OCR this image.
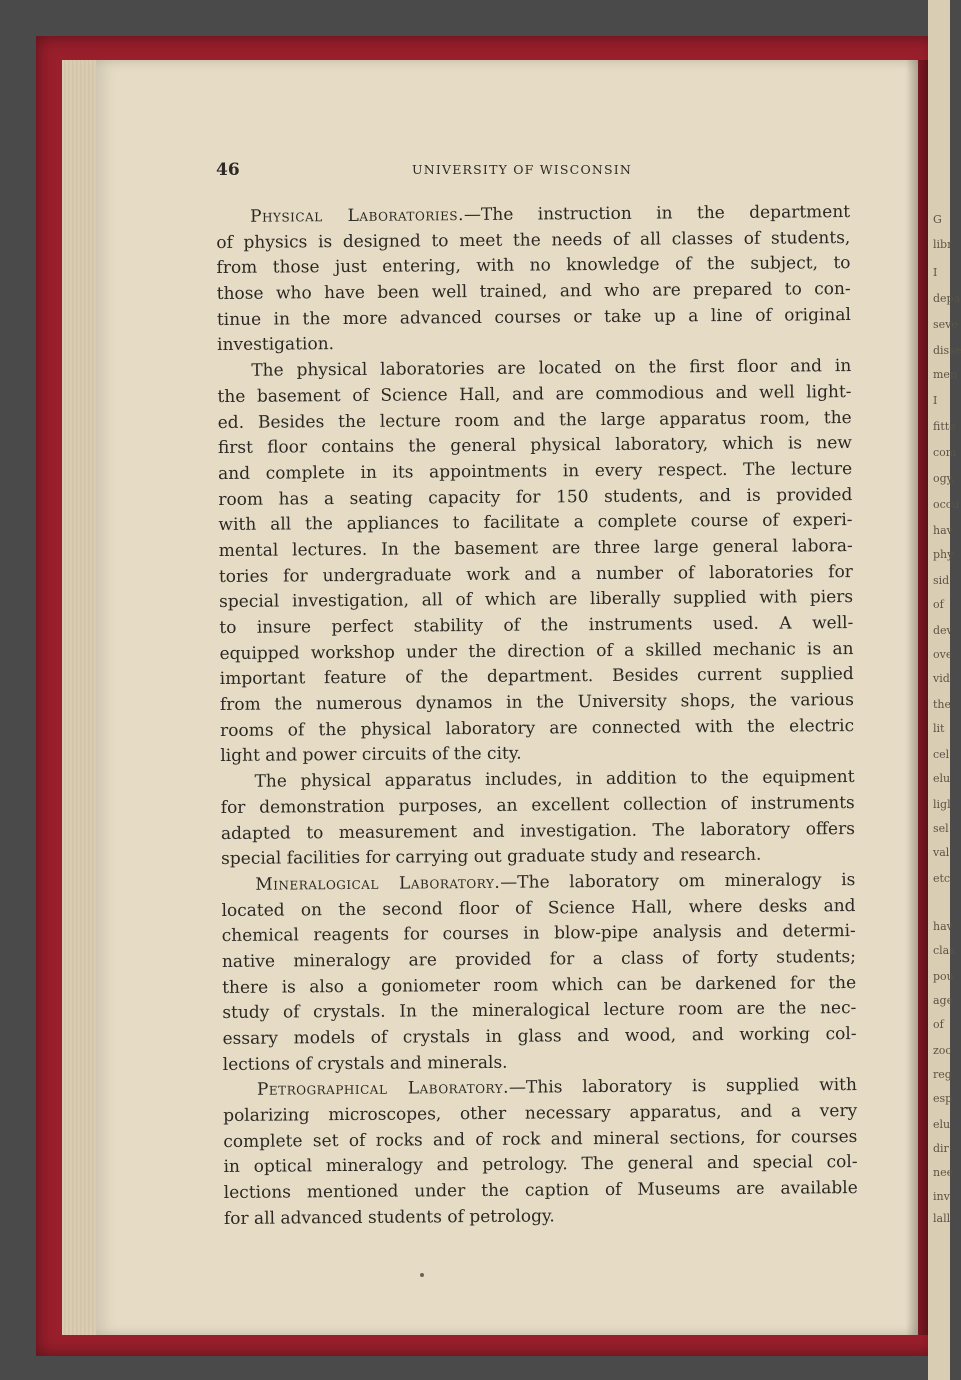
G
libr
I
depa
seve
disse
men
I
fitte
com
ogy,
occu
hav
phy
sid
of
dev
ove
vid
the
lit
cel
elu
ligl
sel
val
etc.
hav
clas
pou
age
of
zoo
reg
esp
elu
dir
nee
inv
lall
46	UNIVERSITY OF WISCONSIN
Physical Laboratories.—The instruction in the department
of physics is designed to meet the needs of all classes of students,
from those just entering, with no knowledge of the subject, to
those who have been well trained, and who are prepared to con-
tinue in the more advanced courses or take up a line of original
investigation.
The physical laboratories are located on the first floor and in
the basement of Science Hall, and are commodious and well light-
ed. Besides the lecture room and the large apparatus room, the
first floor contains the general physical laboratory, which is new
and complete in its appointments in every respect. The lecture
room has a seating capacity for 150 students, and is provided
with all the appliances to facilitate a complete course of experi-
mental lectures. In the basement are three large general labora-
tories for undergraduate work and a number of laboratories for
special investigation, all of which are liberally supplied with piers
to insure perfect stability of the instruments used. A well-
equipped workshop under the direction of a skilled mechanic is an
important feature of the department. Besides current supplied
from the numerous dynamos in the University shops, the various
rooms of the physical laboratory are connected with the electric
light and power circuits of the city.
The physical apparatus includes, in addition to the equipment
for demonstration purposes, an excellent collection of instruments
adapted to measurement and investigation. The laboratory offers
special facilities for carrying out graduate study and research.
Mineralogical Laboratory.—The laboratory om mineralogy is
located on the second floor of Science Hall, where desks and
chemical reagents for courses in blow-pipe analysis and determi-
native mineralogy are provided for a class of forty students;
there is also a goniometer room which can be darkened for the
study of crystals. In the mineralogical lecture room are the nec-
essary models of crystals in glass and wood, and working col-
lections of crystals and minerals.
Petrographical Laboratory.—This laboratory is supplied with
polarizing microscopes, other necessary apparatus, and a very
complete set of rocks and of rock and mineral sections, for courses
in optical mineralogy and petrology. The general and special col-
lections mentioned under the caption of Museums are available
for all advanced students of petrology.
